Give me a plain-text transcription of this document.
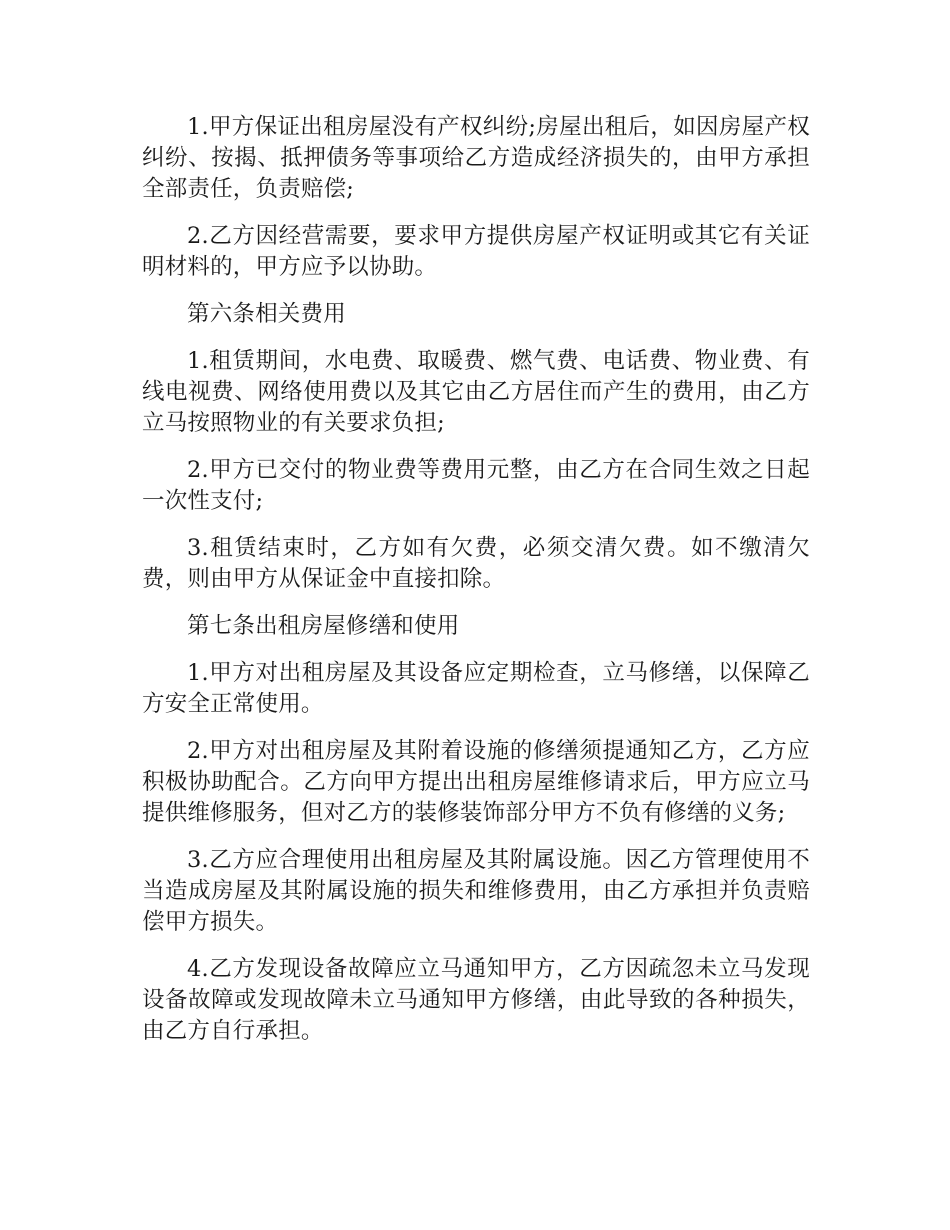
1.甲方保证出租房屋没有产权纠纷;房屋出租后，如因房屋产权纠纷、按揭、抵押债务等事项给乙方造成经济损失的，由甲方承担全部责任，负责赔偿;

2.乙方因经营需要，要求甲方提供房屋产权证明或其它有关证明材料的，甲方应予以协助。

第六条相关费用

1.租赁期间，水电费、取暖费、燃气费、电话费、物业费、有线电视费、网络使用费以及其它由乙方居住而产生的费用，由乙方立马按照物业的有关要求负担;

2.甲方已交付的物业费等费用元整，由乙方在合同生效之日起一次性支付;

3.租赁结束时，乙方如有欠费，必须交清欠费。如不缴清欠费，则由甲方从保证金中直接扣除。

第七条出租房屋修缮和使用

1.甲方对出租房屋及其设备应定期检查，立马修缮，以保障乙方安全正常使用。

2.甲方对出租房屋及其附着设施的修缮须提通知乙方，乙方应积极协助配合。乙方向甲方提出出租房屋维修请求后，甲方应立马提供维修服务，但对乙方的装修装饰部分甲方不负有修缮的义务;

3.乙方应合理使用出租房屋及其附属设施。因乙方管理使用不当造成房屋及其附属设施的损失和维修费用，由乙方承担并负责赔偿甲方损失。

4.乙方发现设备故障应立马通知甲方，乙方因疏忽未立马发现设备故障或发现故障未立马通知甲方修缮，由此导致的各种损失，由乙方自行承担。
